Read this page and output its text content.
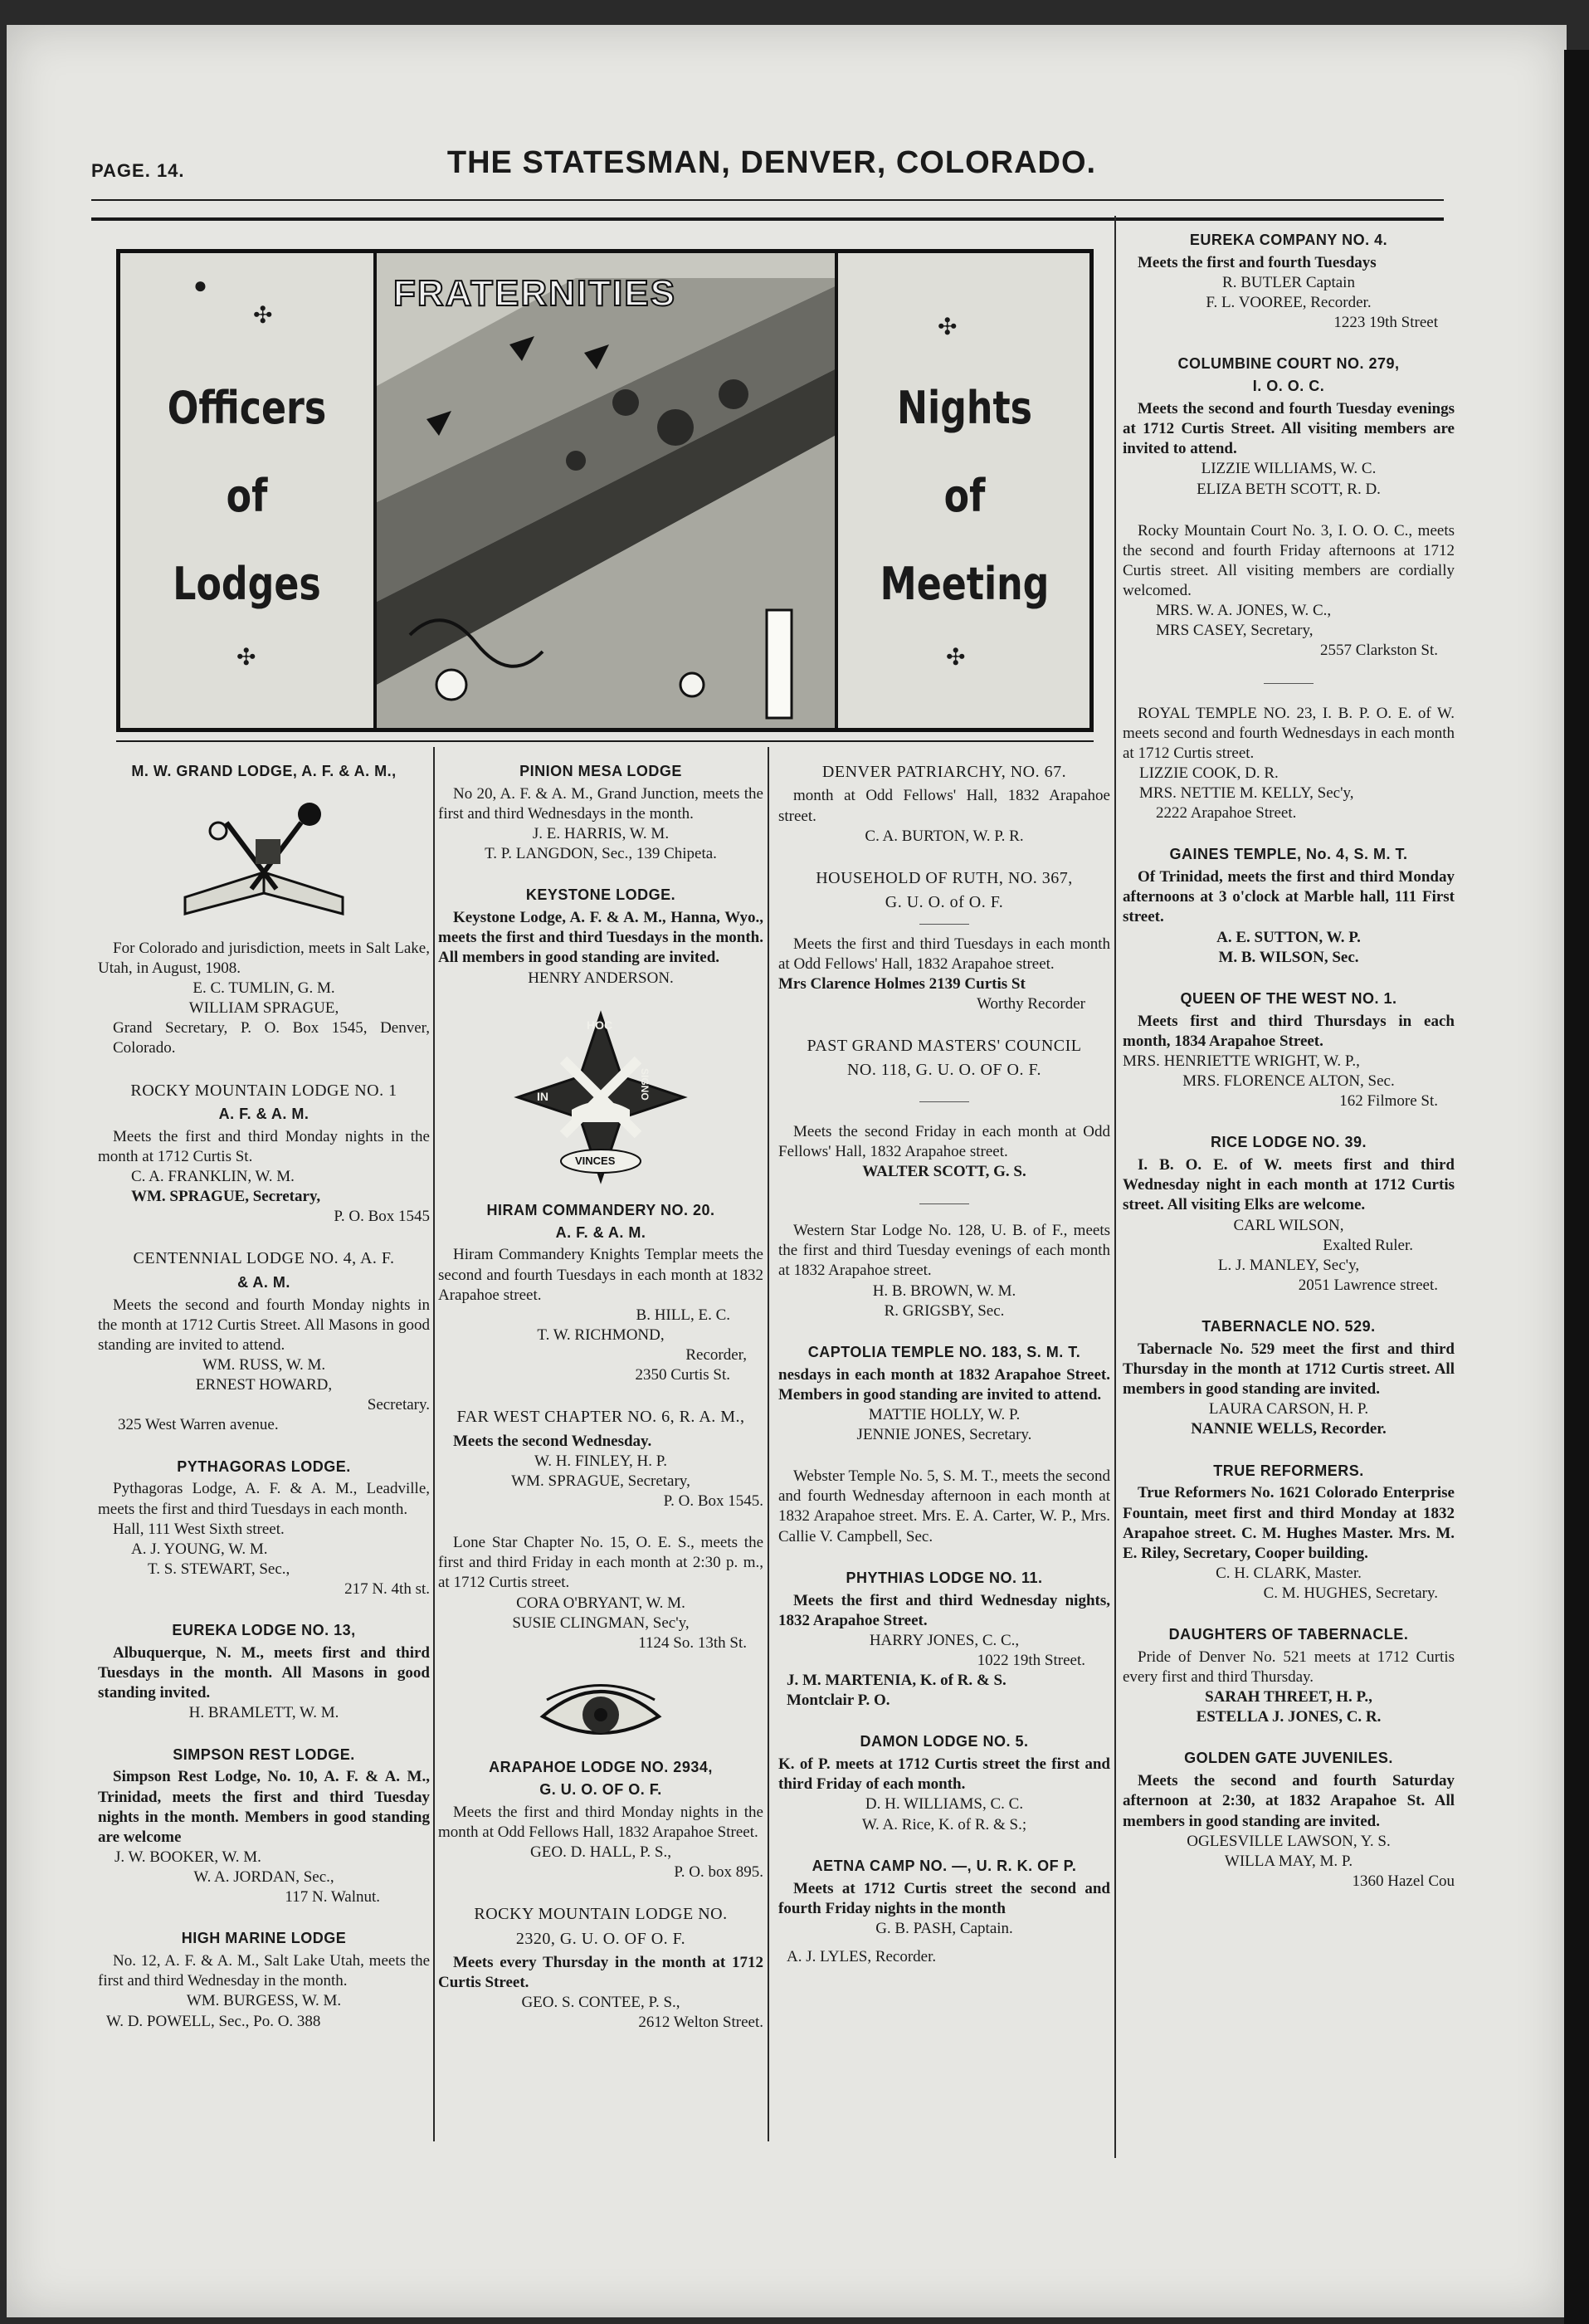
PAGE. 14.	THE STATESMAN, DENVER, COLORADO.
●
✣
Officers
of
Lodges
✣
FRATERNITIES
✣
Nights
of
Meeting
✣
M. W. GRAND LODGE, A. F. & A. M.,

For Colorado and jurisdiction, meets in Salt Lake, Utah, in August, 1908.

E. C. TUMLIN, G. M.

WILLIAM SPRAGUE,

Grand Secretary, P. O. Box 1545, Denver, Colorado.

ROCKY MOUNTAIN LODGE NO. 1
A. F. & A. M.

Meets the first and third Monday nights in the month at 1712 Curtis St.

C. A. FRANKLIN, W. M.

WM. SPRAGUE, Secretary,

P. O. Box 1545

CENTENNIAL LODGE NO. 4, A. F.
& A. M.

Meets the second and fourth Monday nights in the month at 1712 Curtis Street. All Masons in good standing are invited to attend.

WM. RUSS, W. M.

ERNEST HOWARD,

Secretary.

325 West Warren avenue.

PYTHAGORAS LODGE.

Pythagoras Lodge, A. F. & A. M., Leadville, meets the first and third Tuesdays in each month.

Hall, 111 West Sixth street.

A. J. YOUNG, W. M.

T. S. STEWART, Sec.,

217 N. 4th st.

EUREKA LODGE NO. 13,

Albuquerque, N. M., meets first and third Tuesdays in the month. All Masons in good standing invited.

H. BRAMLETT, W. M.

SIMPSON REST LODGE.

Simpson Rest Lodge, No. 10, A. F. & A. M., Trinidad, meets the first and third Tuesday nights in the month. Members in good standing are welcome

J. W. BOOKER, W. M.

W. A. JORDAN, Sec.,

117 N. Walnut.

HIGH MARINE LODGE

No. 12, A. F. & A. M., Salt Lake Utah, meets the first and third Wednesday in the month.

WM. BURGESS, W. M.

W. D. POWELL, Sec., Po. O. 388

PINION MESA LODGE

No 20, A. F. & A. M., Grand Junction, meets the first and third Wednesdays in the month.

J. E. HARRIS, W. M.

T. P. LANGDON, Sec., 139 Chipeta.

KEYSTONE LODGE.

Keystone Lodge, A. F. & A. M., Hanna, Wyo., meets the first and third Tuesdays in the month. All members in good standing are invited.

HENRY ANDERSON.

HOC
IN	SIGNO
VINCES
HIRAM COMMANDERY NO. 20.
A. F. & A. M.

Hiram Commandery Knights Templar meets the second and fourth Tuesdays in each month at 1832 Arapahoe street.

B. HILL, E. C.

T. W. RICHMOND,

Recorder,

2350 Curtis St.

FAR WEST CHAPTER NO. 6, R. A. M.,

Meets the second Wednesday.

W. H. FINLEY, H. P.

WM. SPRAGUE, Secretary,

P. O. Box 1545.

Lone Star Chapter No. 15, O. E. S., meets the first and third Friday in each month at 2:30 p. m., at 1712 Curtis street.

CORA O'BRYANT, W. M.

SUSIE CLINGMAN, Sec'y,

1124 So. 13th St.

ARAPAHOE LODGE NO. 2934,
G. U. O. OF O. F.

Meets the first and third Monday nights in the month at Odd Fellows Hall, 1832 Arapahoe Street.

GEO. D. HALL, P. S.,

P. O. box 895.

ROCKY MOUNTAIN LODGE NO.
2320, G. U. O. OF O. F.

Meets every Thursday in the month at 1712 Curtis Street.

GEO. S. CONTEE, P. S.,

2612 Welton Street.

DENVER PATRIARCHY, NO. 67.

month at Odd Fellows' Hall, 1832 Arapahoe street.

C. A. BURTON, W. P. R.

HOUSEHOLD OF RUTH, NO. 367,
G. U. O. of O. F.

Meets the first and third Tuesdays in each month at Odd Fellows' Hall, 1832 Arapahoe street.

Mrs Clarence Holmes 2139 Curtis St

Worthy Recorder

PAST GRAND MASTERS' COUNCIL
NO. 118, G. U. O. OF O. F.

Meets the second Friday in each month at Odd Fellows' Hall, 1832 Arapahoe street.

WALTER SCOTT, G. S.

Western Star Lodge No. 128, U. B. of F., meets the first and third Tuesday evenings of each month at 1832 Arapahoe street.

H. B. BROWN, W. M.

R. GRIGSBY, Sec.

CAPTOLIA TEMPLE NO. 183, S. M. T.

nesdays in each month at 1832 Arapahoe Street. Members in good standing are invited to attend.

MATTIE HOLLY, W. P.

JENNIE JONES, Secretary.

Webster Temple No. 5, S. M. T., meets the second and fourth Wednesday afternoon in each month at 1832 Arapahoe street. Mrs. E. A. Carter, W. P., Mrs. Callie V. Campbell, Sec.

PHYTHIAS LODGE NO. 11.

Meets the first and third Wednesday nights, 1832 Arapahoe Street.

HARRY JONES, C. C.,

1022 19th Street.

J. M. MARTENIA, K. of R. & S.

Montclair P. O.

DAMON LODGE NO. 5.

K. of P. meets at 1712 Curtis street the first and third Friday of each month.

D. H. WILLIAMS, C. C.

W. A. Rice, K. of R. & S.;

AETNA CAMP NO. —, U. R. K. OF P.

Meets at 1712 Curtis street the second and fourth Friday nights in the month

G. B. PASH, Captain.

A. J. LYLES, Recorder.

EUREKA COMPANY NO. 4.

Meets the first and fourth Tuesdays

R. BUTLER Captain

F. L. VOOREE, Recorder.

1223 19th Street

COLUMBINE COURT NO. 279,
I. O. O. C.

Meets the second and fourth Tuesday evenings at 1712 Curtis Street. All visiting members are invited to attend.

LIZZIE WILLIAMS, W. C.

ELIZA BETH SCOTT, R. D.

Rocky Mountain Court No. 3, I. O. O. C., meets the second and fourth Friday afternoons at 1712 Curtis street. All visiting members are cordially welcomed.

MRS. W. A. JONES, W. C.,

MRS CASEY, Secretary,

2557 Clarkston St.

ROYAL TEMPLE NO. 23, I. B. P. O. E. of W. meets second and fourth Wednesdays in each month at 1712 Curtis street.

LIZZIE COOK, D. R.

MRS. NETTIE M. KELLY, Sec'y,

2222 Arapahoe Street.

GAINES TEMPLE, No. 4, S. M. T.

Of Trinidad, meets the first and third Monday afternoons at 3 o'clock at Marble hall, 111 First street.

A. E. SUTTON, W. P.

M. B. WILSON, Sec.

QUEEN OF THE WEST NO. 1.

Meets first and third Thursdays in each month, 1834 Arapahoe Street.

MRS. HENRIETTE WRIGHT, W. P.,

MRS. FLORENCE ALTON, Sec.

162 Filmore St.

RICE LODGE NO. 39.

I. B. O. E. of W. meets first and third Wednesday night in each month at 1712 Curtis street. All visiting Elks are welcome.

CARL WILSON,

Exalted Ruler.

L. J. MANLEY, Sec'y,

2051 Lawrence street.

TABERNACLE NO. 529.

Tabernacle No. 529 meet the first and third Thursday in the month at 1712 Curtis street. All members in good standing are invited.

LAURA CARSON, H. P.

NANNIE WELLS, Recorder.

TRUE REFORMERS.

True Reformers No. 1621 Colorado Enterprise Fountain, meet first and third Monday at 1832 Arapahoe street. C. M. Hughes Master. Mrs. M. E. Riley, Secretary, Cooper building.

C. H. CLARK, Master.

C. M. HUGHES, Secretary.

DAUGHTERS OF TABERNACLE.

Pride of Denver No. 521 meets at 1712 Curtis every first and third Thursday.

SARAH THREET, H. P.,

ESTELLA J. JONES, C. R.

GOLDEN GATE JUVENILES.

Meets the second and fourth Saturday afternoon at 2:30, at 1832 Arapahoe St. All members in good standing are invited.

OGLESVILLE LAWSON, Y. S.

WILLA MAY, M. P.

1360 Hazel Cou
